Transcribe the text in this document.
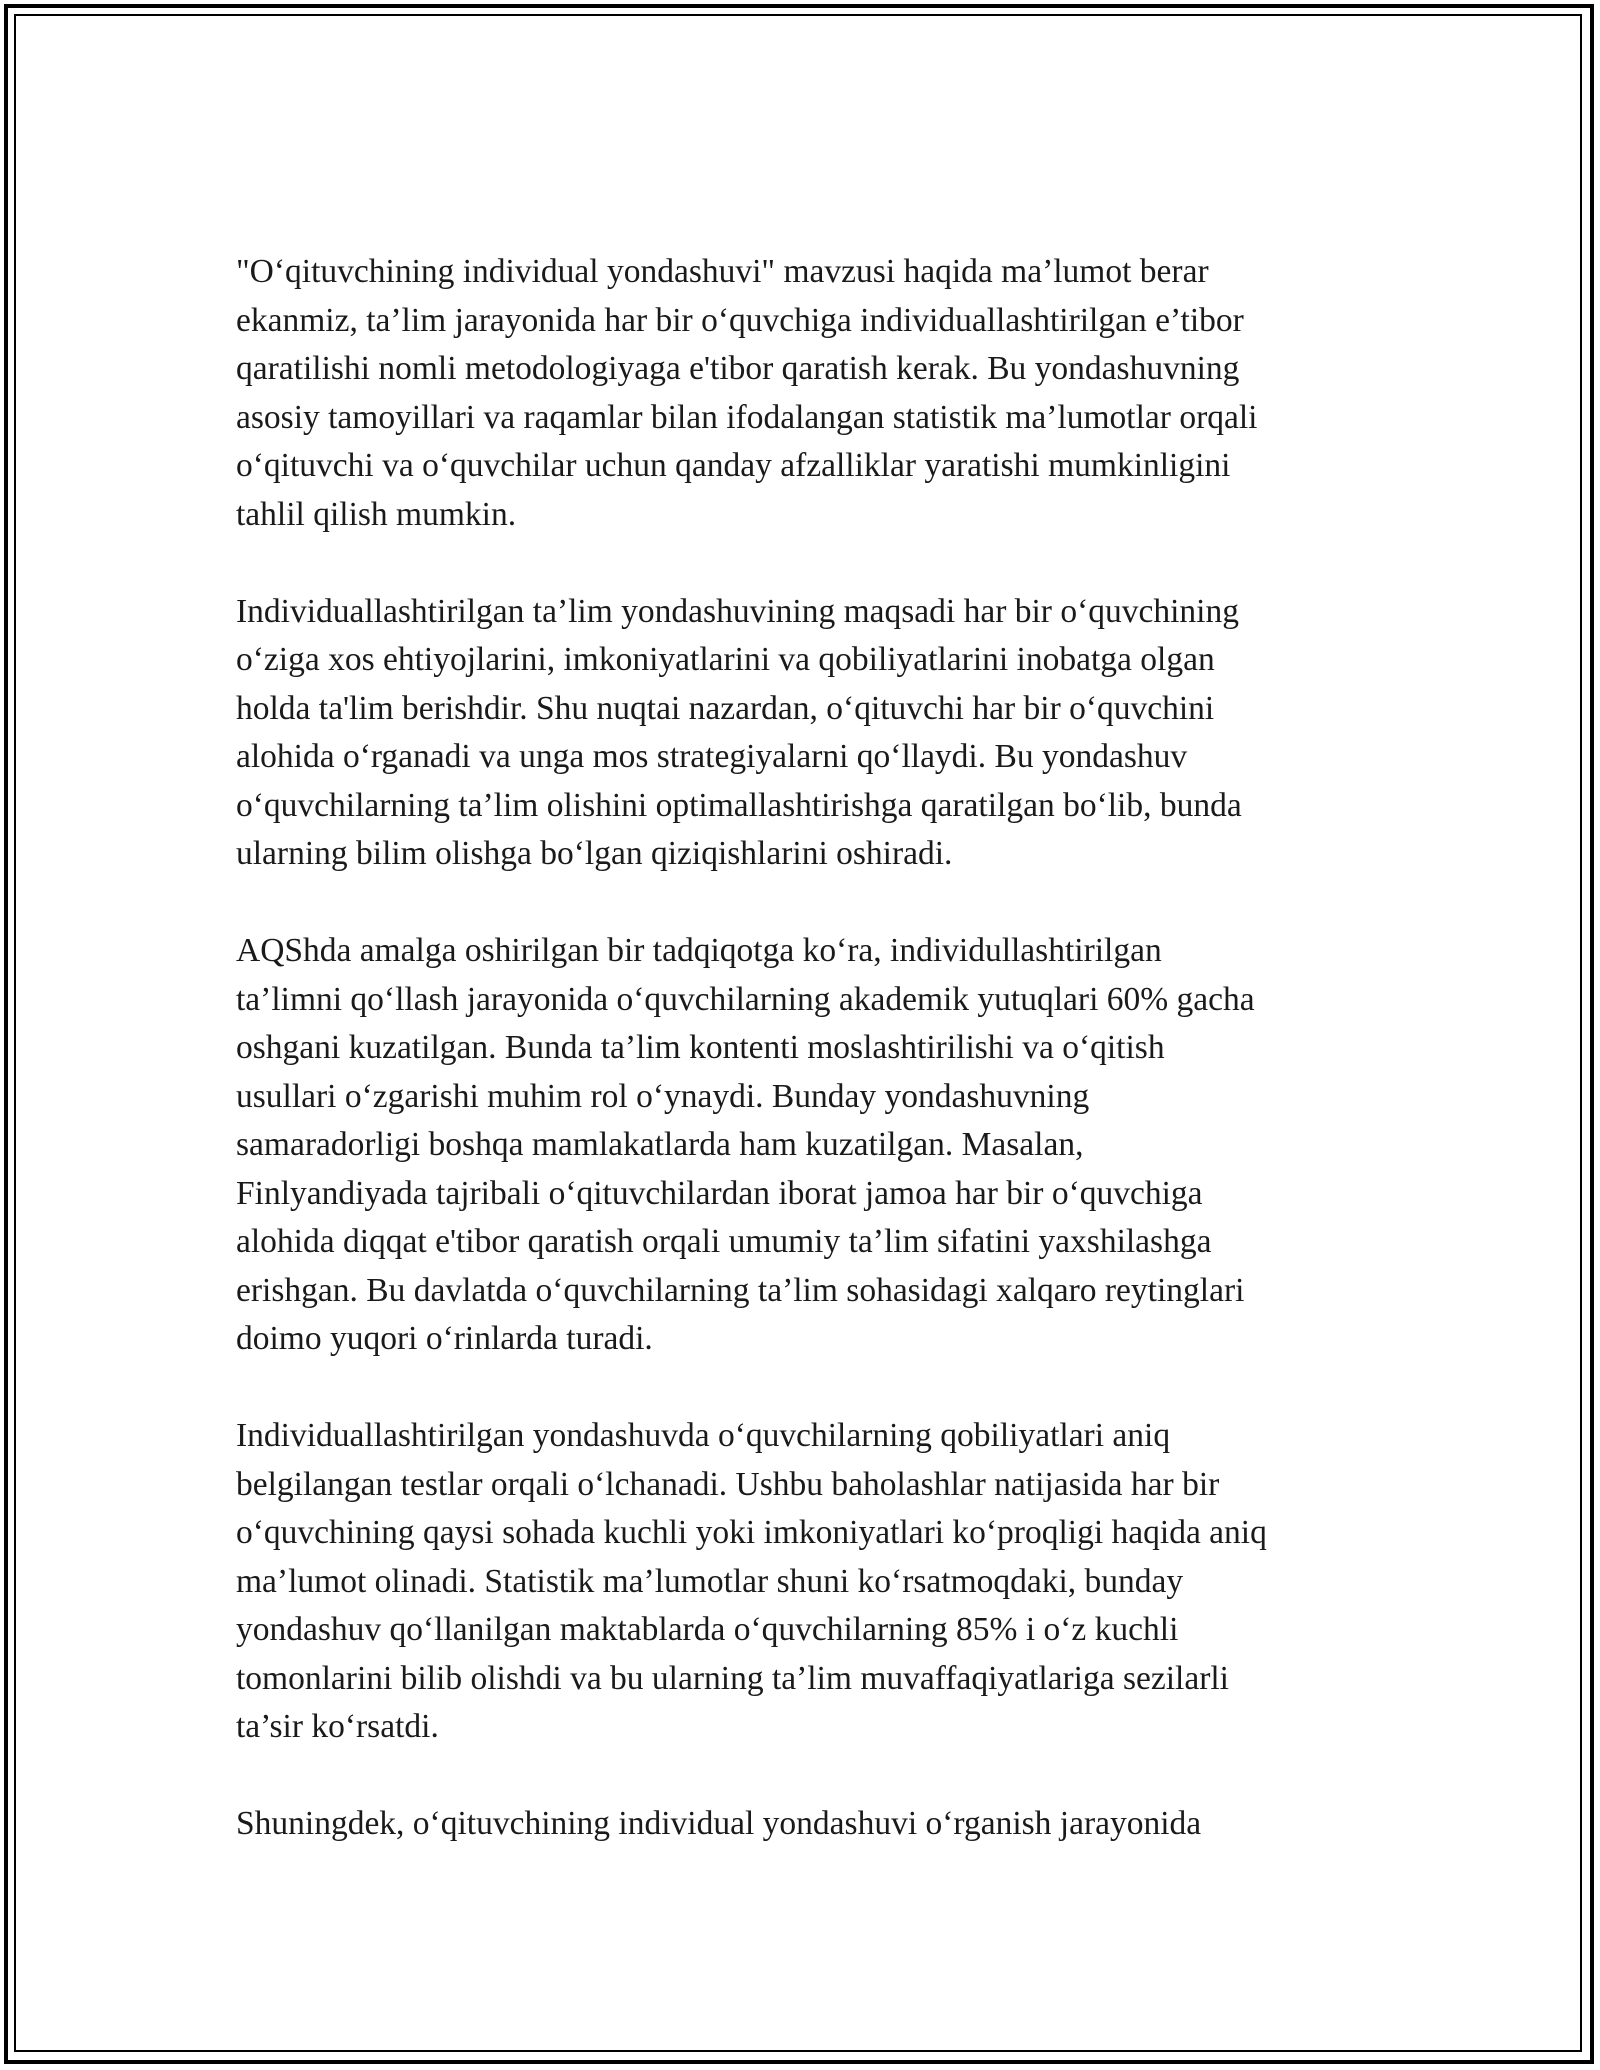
"O‘qituvchining individual yondashuvi" mavzusi haqida ma’lumot berar
ekanmiz, ta’lim jarayonida har bir o‘quvchiga individuallashtirilgan e’tibor
qaratilishi nomli metodologiyaga e'tibor qaratish kerak. Bu yondashuvning
asosiy tamoyillari va raqamlar bilan ifodalangan statistik ma’lumotlar orqali
o‘qituvchi va o‘quvchilar uchun qanday afzalliklar yaratishi mumkinligini
tahlil qilish mumkin.

Individuallashtirilgan ta’lim yondashuvining maqsadi har bir o‘quvchining
o‘ziga xos ehtiyojlarini, imkoniyatlarini va qobiliyatlarini inobatga olgan
holda ta'lim berishdir. Shu nuqtai nazardan, o‘qituvchi har bir o‘quvchini
alohida o‘rganadi va unga mos strategiyalarni qo‘llaydi. Bu yondashuv
o‘quvchilarning ta’lim olishini optimallashtirishga qaratilgan bo‘lib, bunda
ularning bilim olishga bo‘lgan qiziqishlarini oshiradi.

AQShda amalga oshirilgan bir tadqiqotga ko‘ra, individullashtirilgan
ta’limni qo‘llash jarayonida o‘quvchilarning akademik yutuqlari 60% gacha
oshgani kuzatilgan. Bunda ta’lim kontenti moslashtirilishi va o‘qitish
usullari o‘zgarishi muhim rol o‘ynaydi. Bunday yondashuvning
samaradorligi boshqa mamlakatlarda ham kuzatilgan. Masalan,
Finlyandiyada tajribali o‘qituvchilardan iborat jamoa har bir o‘quvchiga
alohida diqqat e'tibor qaratish orqali umumiy ta’lim sifatini yaxshilashga
erishgan. Bu davlatda o‘quvchilarning ta’lim sohasidagi xalqaro reytinglari
doimo yuqori o‘rinlarda turadi.

Individuallashtirilgan yondashuvda o‘quvchilarning qobiliyatlari aniq
belgilangan testlar orqali o‘lchanadi. Ushbu baholashlar natijasida har bir
o‘quvchining qaysi sohada kuchli yoki imkoniyatlari ko‘proqligi haqida aniq
ma’lumot olinadi. Statistik ma’lumotlar shuni ko‘rsatmoqdaki, bunday
yondashuv qo‘llanilgan maktablarda o‘quvchilarning 85% i o‘z kuchli
tomonlarini bilib olishdi va bu ularning ta’lim muvaffaqiyatlariga sezilarli
ta’sir ko‘rsatdi.

Shuningdek, o‘qituvchining individual yondashuvi o‘rganish jarayonida
